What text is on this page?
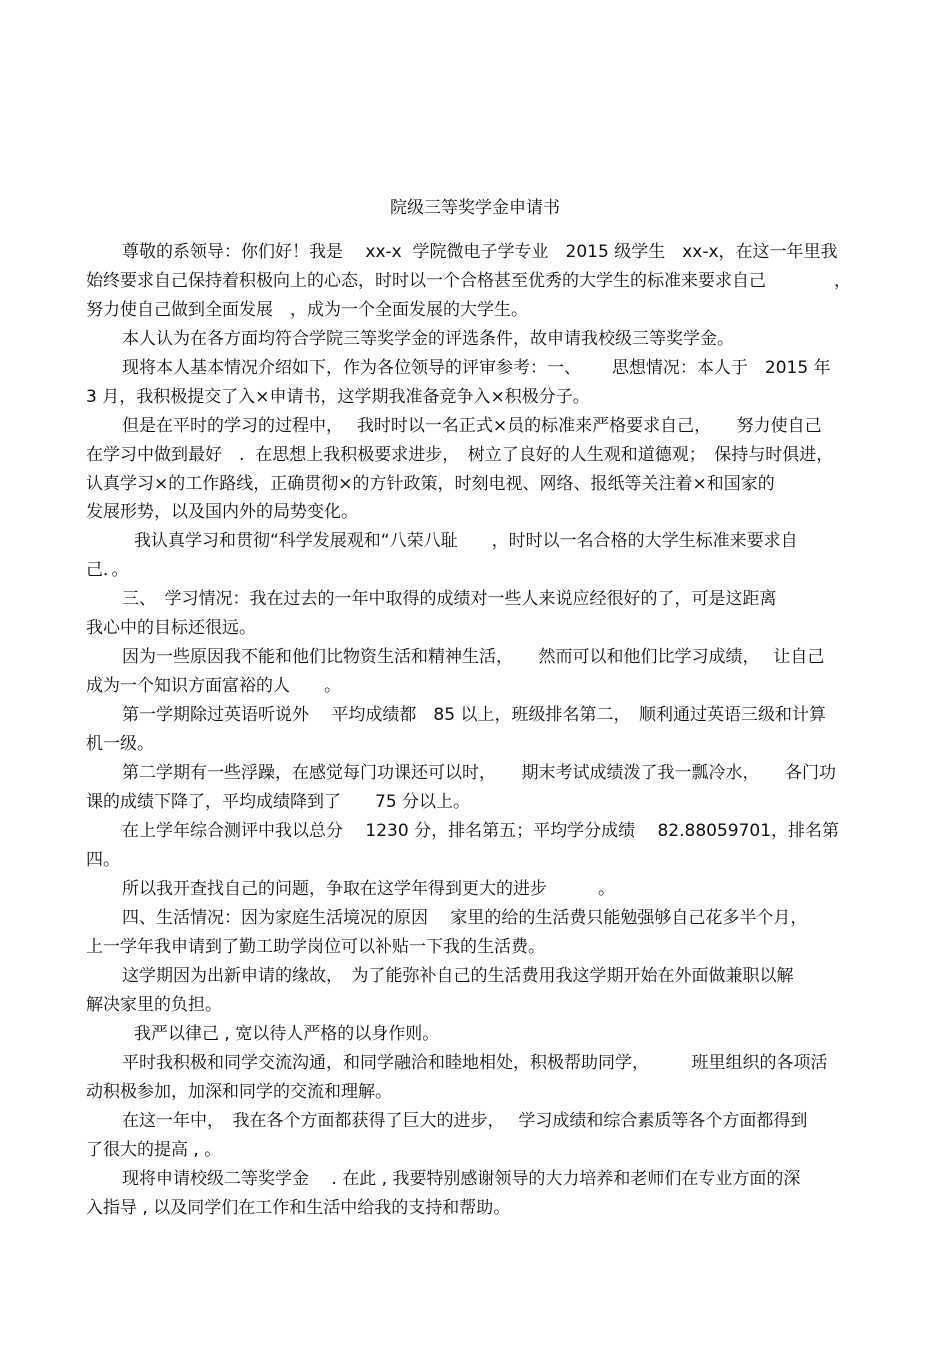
院级三等奖学金申请书
尊敬的系领导：你们好！我是　 xx-x  学院微电子学专业　2015 级学生　xx-x，在这一年里我
始终要求自己保持着积极向上的心态，时时以一个合格甚至优秀的大学生的标准来要求自己　　　　，
努力使自己做到全面发展　，成为一个全面发展的大学生。
本人认为在各方面均符合学院三等奖学金的评选条件，故申请我校级三等奖学金。
现将本人基本情况介绍如下，作为各位领导的评审参考：一、　　 思想情况：本人于　2015 年
3 月，我积极提交了入×申请书，这学期我准备竞争入×积极分子。
但是在平时的学习的过程中，　 我时时以一名正式×员的标准来严格要求自己，　　努力使自己
在学习中做到最好　.  在思想上我积极要求进步，　树立了良好的人生观和道德观；　保持与时俱进，
认真学习×的工作路线，正确贯彻×的方针政策，时刻电视、网络、报纸等关注着×和国家的
发展形势，以及国内外的局势变化。
我认真学习和贯彻“科学发展观和“八荣八耻　　，时时以一名合格的大学生标准来要求自
己．。
三、　学习情况：我在过去的一年中取得的成绩对一些人来说应经很好的了，可是这距离
我心中的目标还很远。
因为一些原因我不能和他们比物资生活和精神生活，　　然而可以和他们比学习成绩，　 让自己
成为一个知识方面富裕的人　　。
第一学期除过英语听说外　 平均成绩都　85 以上，班级排名第二，　顺利通过英语三级和计算
机一级。
第二学期有一些浮躁，在感觉每门功课还可以时，　　期末考试成绩泼了我一瓢冷水，　　各门功
课的成绩下降了，平均成绩降到了　　75 分以上。
在上学年综合测评中我以总分　 1230 分，排名第五；平均学分成绩　 82.88059701，排名第
四。
所以我开查找自己的问题，争取在这学年得到更大的进步　　　。
四、生活情况：因为家庭生活境况的原因　 家里的给的生活费只能勉强够自己花多半个月，
上一学年我申请到了勤工助学岗位可以补贴一下我的生活费。
这学期因为出新申请的缘故，　为了能弥补自己的生活费用我这学期开始在外面做兼职以解
解决家里的负担。
我严以律己 , 宽以待人严格的以身作则。
平时我积极和同学交流沟通，和同学融洽和睦地相处，积极帮助同学，　　　班里组织的各项活
动积极参加，加深和同学的交流和理解。
在这一年中，　我在各个方面都获得了巨大的进步，　 学习成绩和综合素质等各个方面都得到
了很大的提高 , 。
现将申请校级二等奖学金　 . 在此 , 我要特别感谢领导的大力培养和老师们在专业方面的深
入指导 , 以及同学们在工作和生活中给我的支持和帮助。
